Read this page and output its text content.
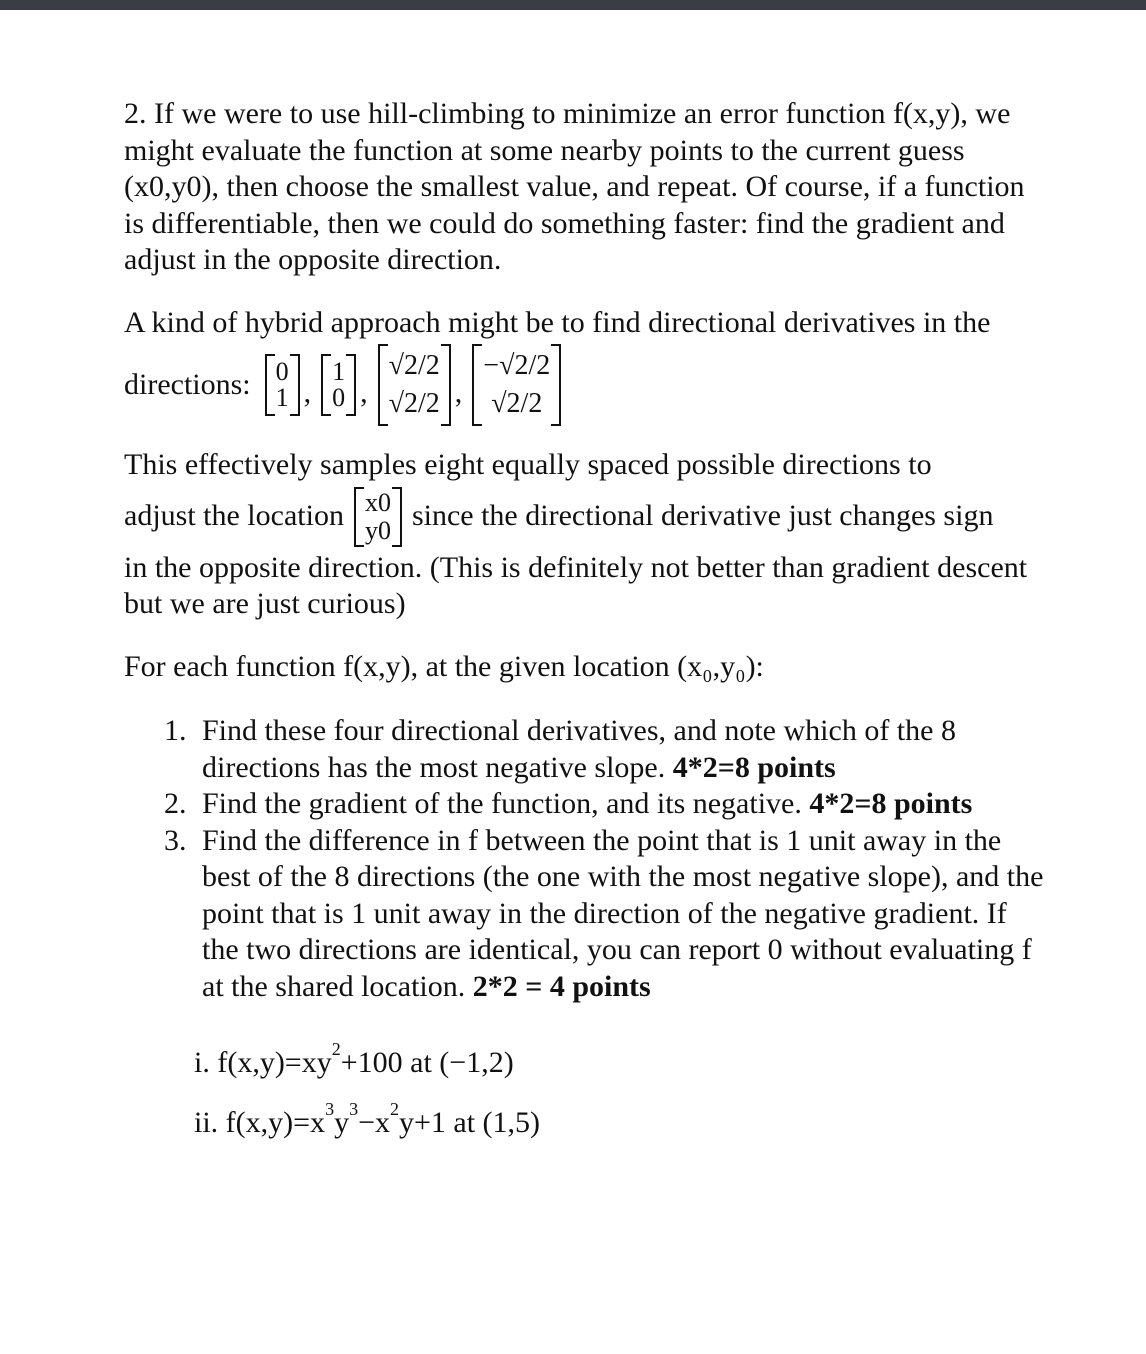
2. If we were to use hill-climbing to minimize an error function f(x,y), we might evaluate the function at some nearby points to the current guess (x0,y0), then choose the smallest value, and repeat. Of course, if a function is differentiable, then we could do something faster: find the gradient and adjust in the opposite direction.

A kind of hybrid approach might be to find directional derivatives in the

directions: 0
1 ,
1
0 ,
√2/2
√2/2 ,
−√2/2
√2/2

This effectively samples eight equally spaced possible directions to

adjust the location x0
y0 since the directional derivative just changes sign

in the opposite direction. (This is definitely not better than gradient descent but we are just curious)

For each function f(x,y), at the given location (x₀,y₀):

1. Find these four directional derivatives, and note which of the 8 directions has the most negative slope. 4*2=8 points
2. Find the gradient of the function, and its negative. 4*2=8 points
3. Find the difference in f between the point that is 1 unit away in the best of the 8 directions (the one with the most negative slope), and the point that is 1 unit away in the direction of the negative gradient. If the two directions are identical, you can report 0 without evaluating f at the shared location. 2*2 = 4 points
i. $f(x,y)=xy^2+100$ at (−1,2)
ii. $f(x,y)=x^3y^3-x^2y+1$ at (1,5)
